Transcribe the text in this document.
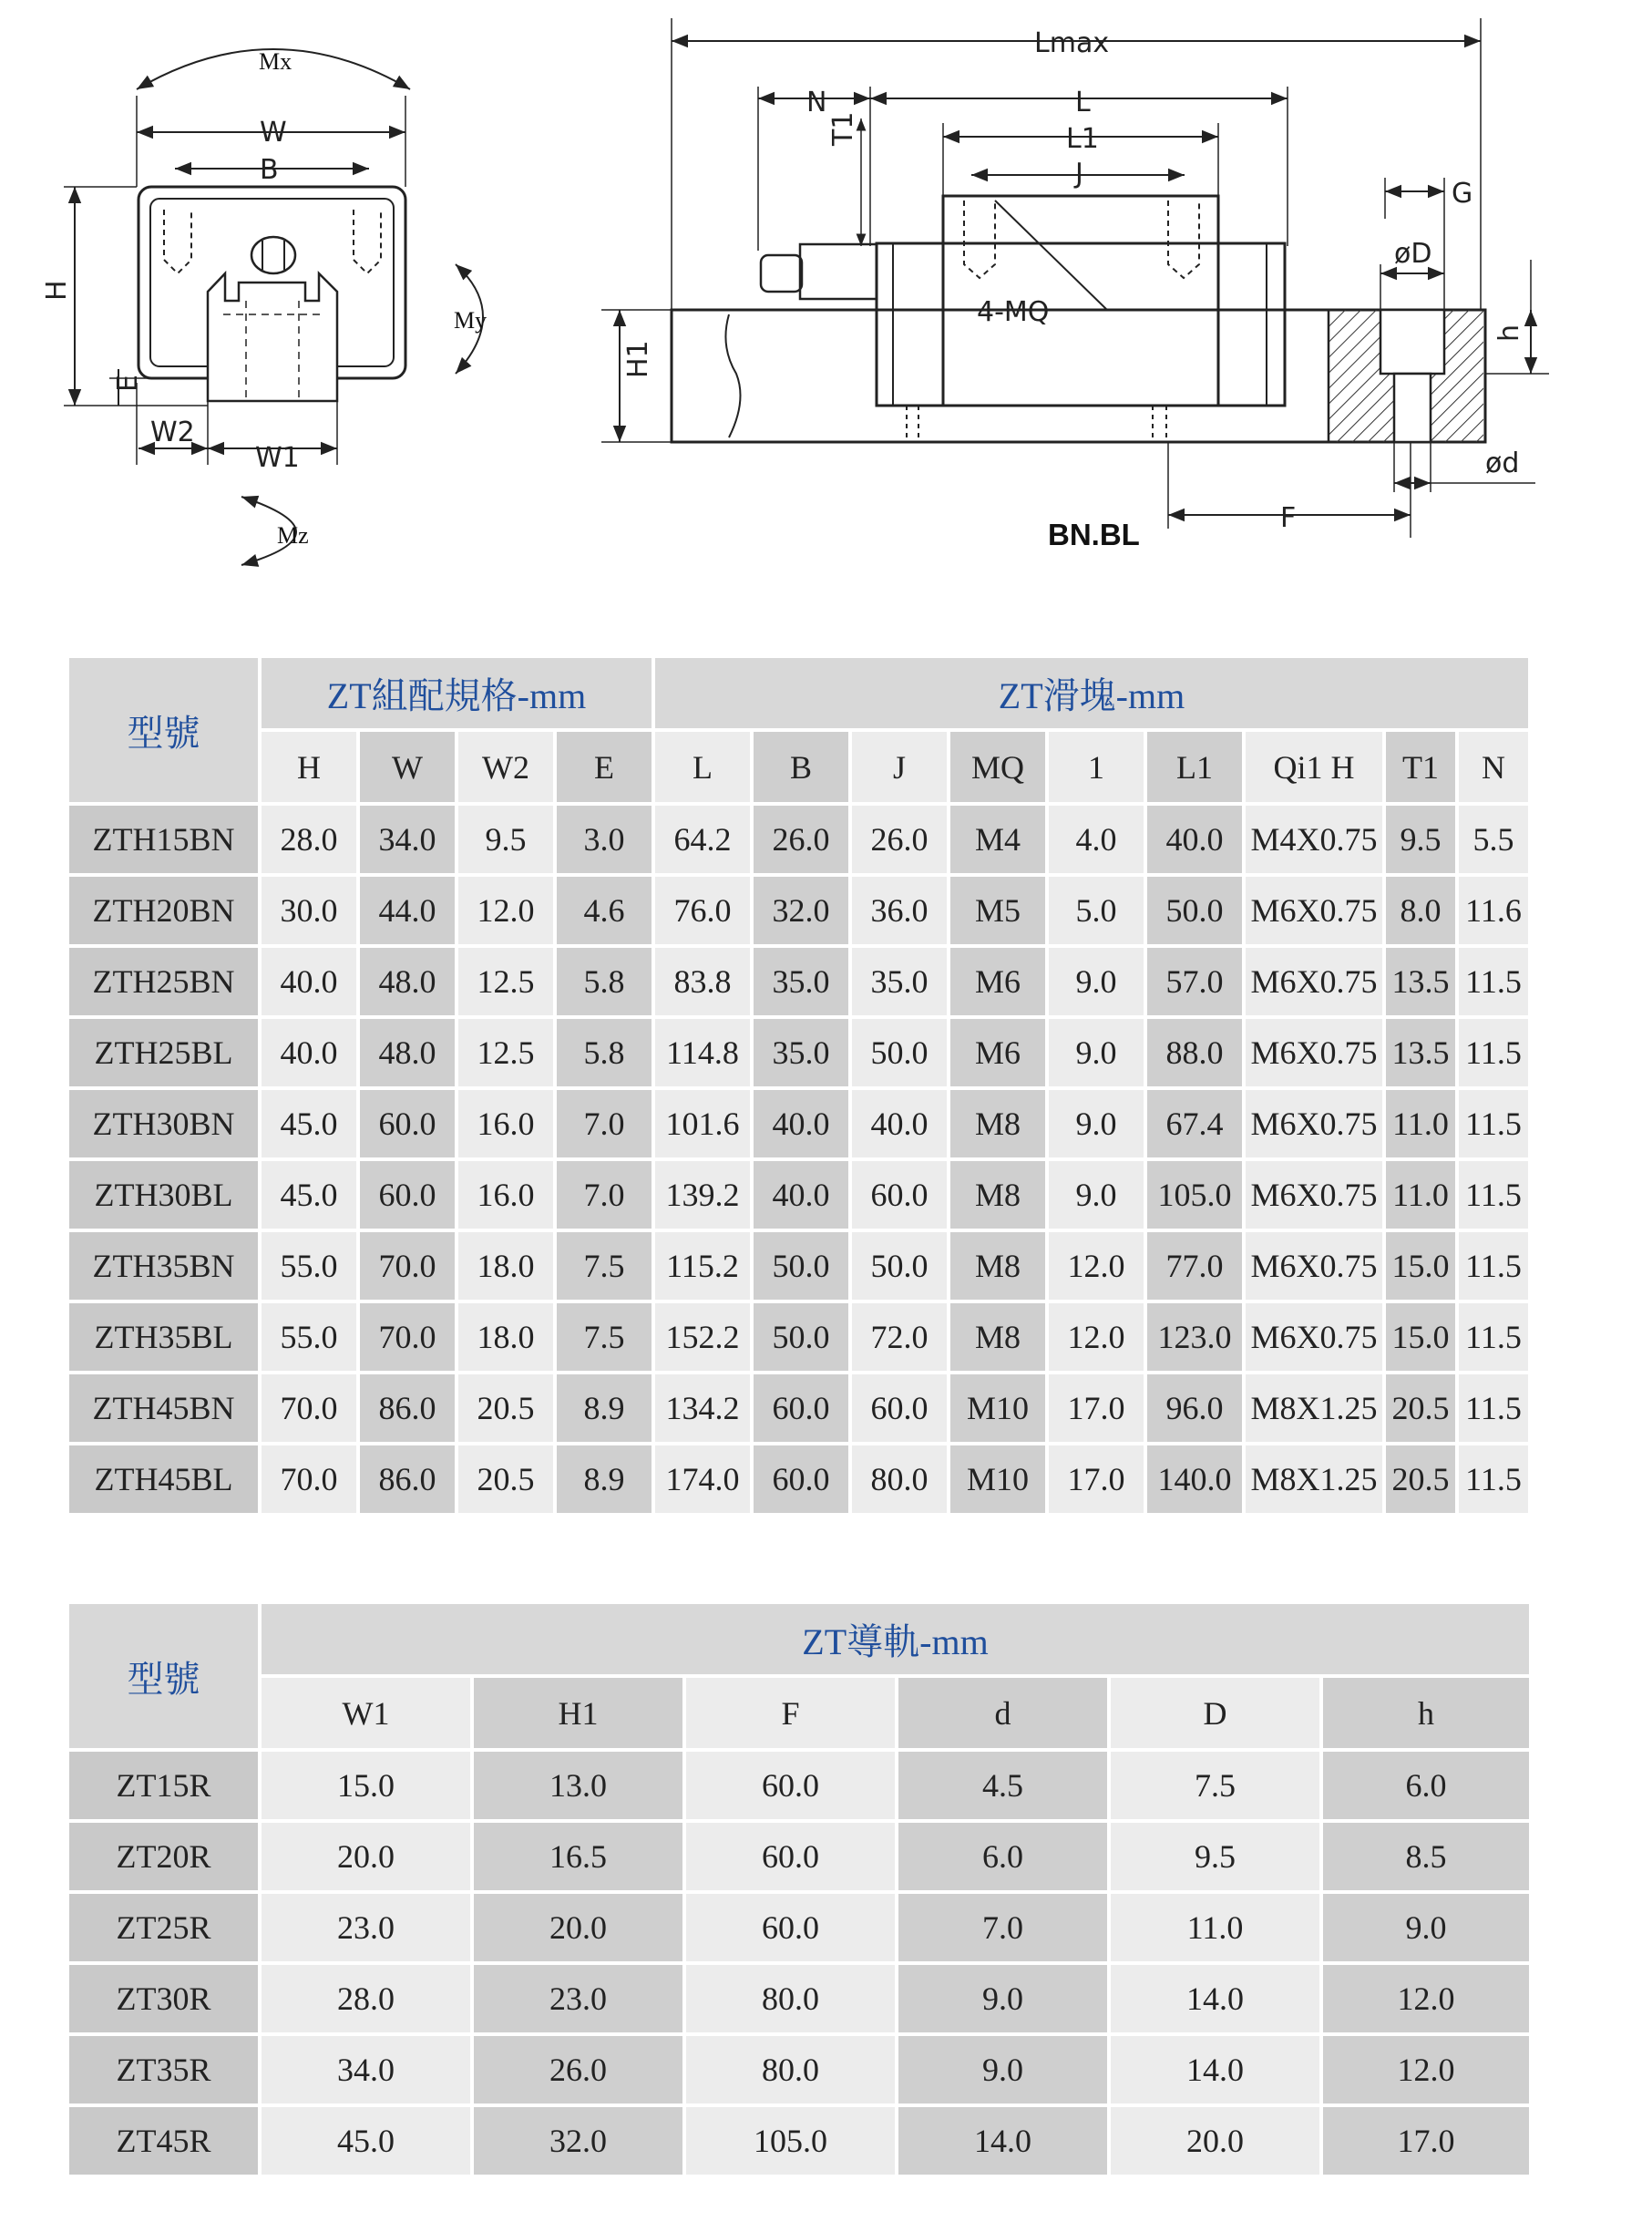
Mx
W
B
H
E
W2
W1
My
Mz
Lmax
N	L
L1
J
T1
G
øD
4-MQ
H1
h
ød
F
BN.BL
型號	ZT組配規格-mm				ZT滑塊-mm								
	H	W	W2	E	L	B	J	MQ	1	L1	Qi1 H	T1	N
ZTH15BN	28.0	34.0	9.5	3.0	64.2	26.0	26.0	M4	4.0	40.0	M4X0.75	9.5	5.5
ZTH20BN	30.0	44.0	12.0	4.6	76.0	32.0	36.0	M5	5.0	50.0	M6X0.75	8.0	11.6
ZTH25BN	40.0	48.0	12.5	5.8	83.8	35.0	35.0	M6	9.0	57.0	M6X0.75	13.5	11.5
ZTH25BL	40.0	48.0	12.5	5.8	114.8	35.0	50.0	M6	9.0	88.0	M6X0.75	13.5	11.5
ZTH30BN	45.0	60.0	16.0	7.0	101.6	40.0	40.0	M8	9.0	67.4	M6X0.75	11.0	11.5
ZTH30BL	45.0	60.0	16.0	7.0	139.2	40.0	60.0	M8	9.0	105.0	M6X0.75	11.0	11.5
ZTH35BN	55.0	70.0	18.0	7.5	115.2	50.0	50.0	M8	12.0	77.0	M6X0.75	15.0	11.5
ZTH35BL	55.0	70.0	18.0	7.5	152.2	50.0	72.0	M8	12.0	123.0	M6X0.75	15.0	11.5
ZTH45BN	70.0	86.0	20.5	8.9	134.2	60.0	60.0	M10	17.0	96.0	M8X1.25	20.5	11.5
ZTH45BL	70.0	86.0	20.5	8.9	174.0	60.0	80.0	M10	17.0	140.0	M8X1.25	20.5	11.5
型號	ZT導軌-mm					
	W1	H1	F	d	D	h
ZT15R	15.0	13.0	60.0	4.5	7.5	6.0
ZT20R	20.0	16.5	60.0	6.0	9.5	8.5
ZT25R	23.0	20.0	60.0	7.0	11.0	9.0
ZT30R	28.0	23.0	80.0	9.0	14.0	12.0
ZT35R	34.0	26.0	80.0	9.0	14.0	12.0
ZT45R	45.0	32.0	105.0	14.0	20.0	17.0
